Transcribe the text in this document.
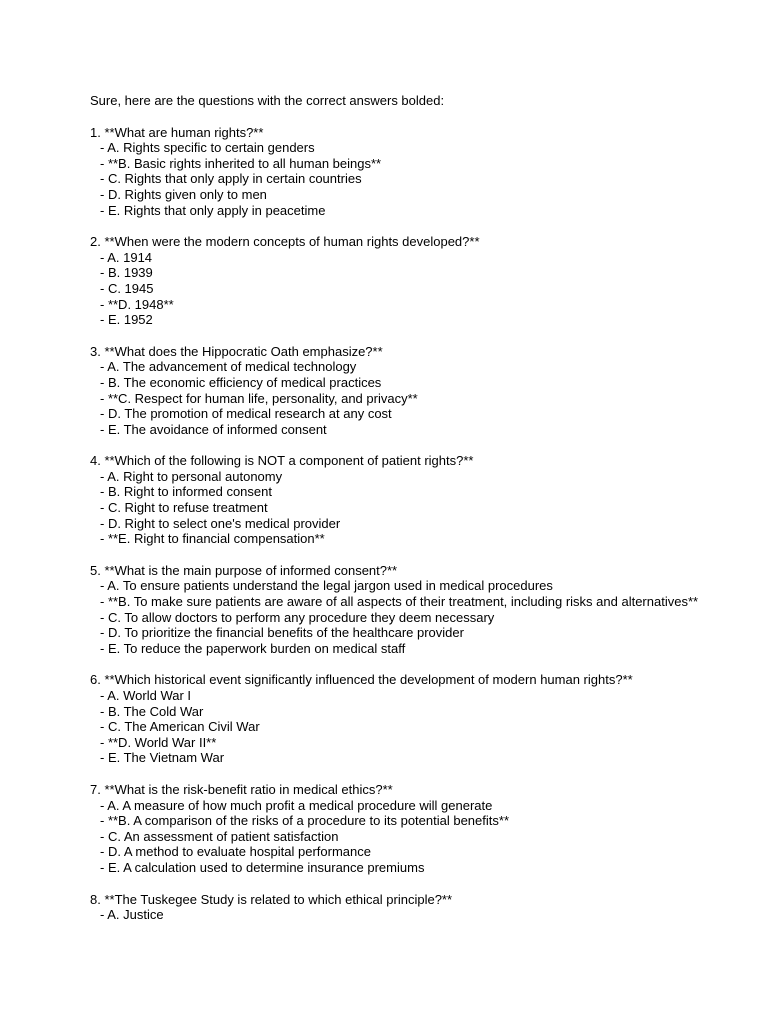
Sure, here are the questions with the correct answers bolded:

1. **What are human rights?**
- A. Rights specific to certain genders
- **B. Basic rights inherited to all human beings**
- C. Rights that only apply in certain countries
- D. Rights given only to men
- E. Rights that only apply in peacetime
2. **When were the modern concepts of human rights developed?**
- A. 1914
- B. 1939
- C. 1945
- **D. 1948**
- E. 1952
3. **What does the Hippocratic Oath emphasize?**
- A. The advancement of medical technology
- B. The economic efficiency of medical practices
- **C. Respect for human life, personality, and privacy**
- D. The promotion of medical research at any cost
- E. The avoidance of informed consent
4. **Which of the following is NOT a component of patient rights?**
- A. Right to personal autonomy
- B. Right to informed consent
- C. Right to refuse treatment
- D. Right to select one's medical provider
- **E. Right to financial compensation**
5. **What is the main purpose of informed consent?**
- A. To ensure patients understand the legal jargon used in medical procedures
- **B. To make sure patients are aware of all aspects of their treatment, including risks and alternatives**
- C. To allow doctors to perform any procedure they deem necessary
- D. To prioritize the financial benefits of the healthcare provider
- E. To reduce the paperwork burden on medical staff
6. **Which historical event significantly influenced the development of modern human rights?**
- A. World War I
- B. The Cold War
- C. The American Civil War
- **D. World War II**
- E. The Vietnam War
7. **What is the risk-benefit ratio in medical ethics?**
- A. A measure of how much profit a medical procedure will generate
- **B. A comparison of the risks of a procedure to its potential benefits**
- C. An assessment of patient satisfaction
- D. A method to evaluate hospital performance
- E. A calculation used to determine insurance premiums
8. **The Tuskegee Study is related to which ethical principle?**
- A. Justice
